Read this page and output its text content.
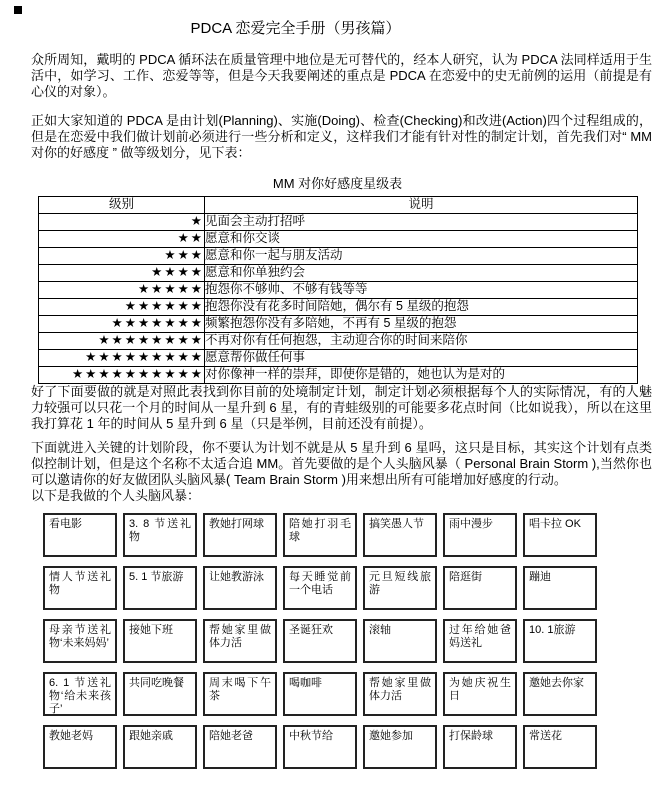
PDCA 恋爱完全手册（男孩篇）

众所周知，戴明的 PDCA 循环法在质量管理中地位是无可替代的，经本人研究，认为 PDCA 法同样适用于生活中，如学习、工作、恋爱等等，但是今天我要阐述的重点是 PDCA 在恋爱中的史无前例的运用（前提是有心仪的对象）。

正如大家知道的 PDCA 是由计划(Planning)、实施(Doing)、检查(Checking)和改进(Action)四个过程组成的，但是在恋爱中我们做计划前必须进行一些分析和定义，这样我们才能有针对性的制定计划，首先我们对“ MM 对你的好感度 ” 做等级划分，见下表：

MM 对你好感度星级表
级别	说明
★	见面会主动打招呼
★★	愿意和你交谈
★★★	愿意和你一起与朋友活动
★★★★	愿意和你单独约会
★★★★★	抱怨你不够帅、不够有钱等等
★★★★★★	抱怨你没有花多时间陪她，偶尔有 5 星级的抱怨
★★★★★★★	频繁抱怨你没有多陪她，不再有 5 星级的抱怨
★★★★★★★★	不再对你有任何抱怨，主动迎合你的时间来陪你
★★★★★★★★★	愿意帮你做任何事
★★★★★★★★★★	对你像神一样的崇拜，即使你是错的，她也认为是对的

好了下面要做的就是对照此表找到你目前的处境制定计划，制定计划必须根据每个人的实际情况，有的人魅力较强可以只花一个月的时间从一星升到 6 星，有的青蛙级别的可能要多花点时间（比如说我），所以在这里我打算花 1 年的时间从 5 星升到 6 星（只是举例，目前还没有前提）。

下面就进入关键的计划阶段，你不要认为计划不就是从 5 星升到 6 星吗，这只是目标，其实这个计划有点类似控制计划，但是这个名称不太适合追 MM。首先要做的是个人头脑风暴（ Personal Brain Storm ),当然你也可以邀请你的好友做团队头脑风暴( Team Brain Storm )用来想出所有可能增加好感度的行动。

以下是我做的个人头脑风暴：

看电影	3. 8 节送礼物
教她打网球	陪她打羽毛球
搞笑愚人节	雨中漫步	唱卡拉 OK
情人节送礼物
5. 1 节旅游	让她教游泳	每天睡觉前一个电话
元旦短线旅游
陪逛街	蹦迪
母亲节送礼物‘未来妈妈’
接她下班	帮她家里做体力活
圣诞狂欢	滚轴	过年给她爸妈送礼
10. 1旅游
6. 1 节送礼物‘给未来孩子’
共同吃晚餐	周末喝下午茶
喝咖啡	帮她家里做体力活
为她庆祝生日
邀她去你家
教她老妈	跟她亲戚	陪她老爸	中秋节给	邀她参加	打保龄球	常送花
